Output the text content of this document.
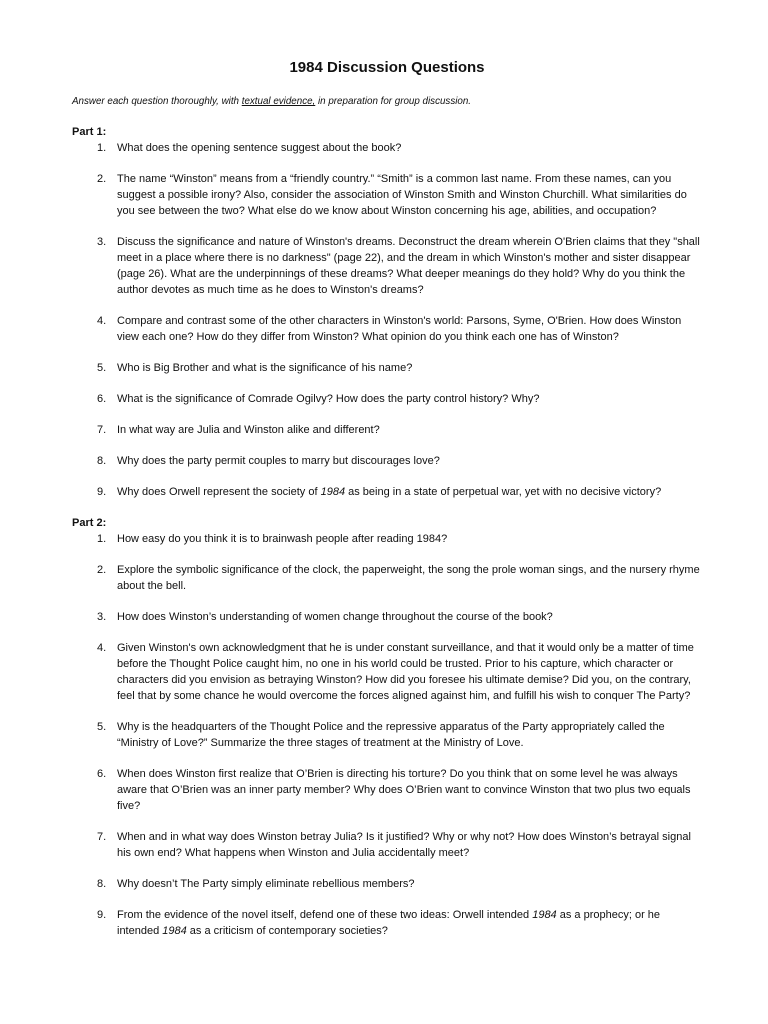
1984 Discussion Questions

Answer each question thoroughly, with textual evidence, in preparation for group discussion.

Part 1:

1. What does the opening sentence suggest about the book?
2. The name “Winston” means from a “friendly country.” “Smith” is a common last name. From these names, can you suggest a possible irony? Also, consider the association of Winston Smith and Winston Churchill. What similarities do you see between the two? What else do we know about Winston concerning his age, abilities, and occupation?
3. Discuss the significance and nature of Winston's dreams. Deconstruct the dream wherein O'Brien claims that they "shall meet in a place where there is no darkness" (page 22), and the dream in which Winston's mother and sister disappear (page 26). What are the underpinnings of these dreams? What deeper meanings do they hold? Why do you think the author devotes as much time as he does to Winston's dreams?
4. Compare and contrast some of the other characters in Winston's world: Parsons, Syme, O'Brien. How does Winston view each one? How do they differ from Winston? What opinion do you think each one has of Winston?
5. Who is Big Brother and what is the significance of his name?
6. What is the significance of Comrade Ogilvy? How does the party control history? Why?
7. In what way are Julia and Winston alike and different?
8. Why does the party permit couples to marry but discourages love?
9. Why does Orwell represent the society of 1984 as being in a state of perpetual war, yet with no decisive victory?

Part 2:

1. How easy do you think it is to brainwash people after reading 1984?
2. Explore the symbolic significance of the clock, the paperweight, the song the prole woman sings, and the nursery rhyme about the bell.
3. How does Winston’s understanding of women change throughout the course of the book?
4. Given Winston's own acknowledgment that he is under constant surveillance, and that it would only be a matter of time before the Thought Police caught him, no one in his world could be trusted. Prior to his capture, which character or characters did you envision as betraying Winston? How did you foresee his ultimate demise? Did you, on the contrary, feel that by some chance he would overcome the forces aligned against him, and fulfill his wish to conquer The Party?
5. Why is the headquarters of the Thought Police and the repressive apparatus of the Party appropriately called the “Ministry of Love?” Summarize the three stages of treatment at the Ministry of Love.
6. When does Winston first realize that O’Brien is directing his torture? Do you think that on some level he was always aware that O’Brien was an inner party member? Why does O’Brien want to convince Winston that two plus two equals five?
7. When and in what way does Winston betray Julia? Is it justified? Why or why not? How does Winston’s betrayal signal his own end? What happens when Winston and Julia accidentally meet?
8. Why doesn’t The Party simply eliminate rebellious members?
9. From the evidence of the novel itself, defend one of these two ideas: Orwell intended 1984 as a prophecy; or he intended 1984 as a criticism of contemporary societies?
